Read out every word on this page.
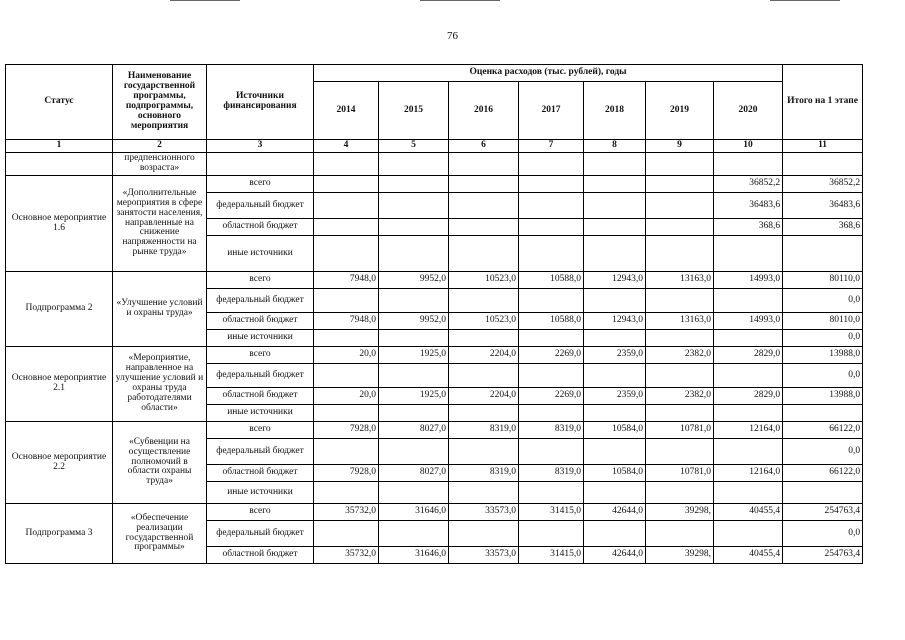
76
Статус	Наименование государственной программы, подпрограммы, основного мероприятия	Источники финансирования	Оценка расходов (тыс. рублей), годы							Итого на 1 этапе
			2014	2015	2016	2017	2018	2019	2020	
1	2	3	4	5	6	7	8	9	10	11
	предпенсионного возраста»									
Основное мероприятие 1.6	«Дополнительные мероприятия в сфере занятости населения, направленные на снижение напряженности на рынке труда»	всего							36852,2	36852,2
		федеральный бюджет							36483,6	36483,6
		областной бюджет							368,6	368,6
		иные источники								
Подпрограмма 2	«Улучшение условий и охраны труда»	всего	7948,0	9952,0	10523,0	10588,0	12943,0	13163,0	14993,0	80110,0
		федеральный бюджет								0,0
		областной бюджет	7948,0	9952,0	10523,0	10588,0	12943,0	13163,0	14993,0	80110,0
		иные источники								0,0
Основное мероприятие 2.1	«Мероприятие, направленное на улучшение условий и охраны труда работодателями области»	всего	20,0	1925,0	2204,0	2269,0	2359,0	2382,0	2829,0	13988,0
		федеральный бюджет								0,0
		областной бюджет	20,0	1925,0	2204,0	2269,0	2359,0	2382,0	2829,0	13988,0
		иные источники								
Основное мероприятие 2.2	«Субвенции на осуществление полномочий в области охраны труда»	всего	7928,0	8027,0	8319,0	8319,0	10584,0	10781,0	12164,0	66122,0
		федеральный бюджет								0,0
		областной бюджет	7928,0	8027,0	8319,0	8319,0	10584,0	10781,0	12164,0	66122,0
		иные источники								
Подпрограмма 3	«Обеспечение реализации государственной программы»	всего	35732,0	31646,0	33573,0	31415,0	42644,0	39298,	40455,4	254763,4
		федеральный бюджет								0,0
		областной бюджет	35732,0	31646,0	33573,0	31415,0	42644,0	39298,	40455,4	254763,4
